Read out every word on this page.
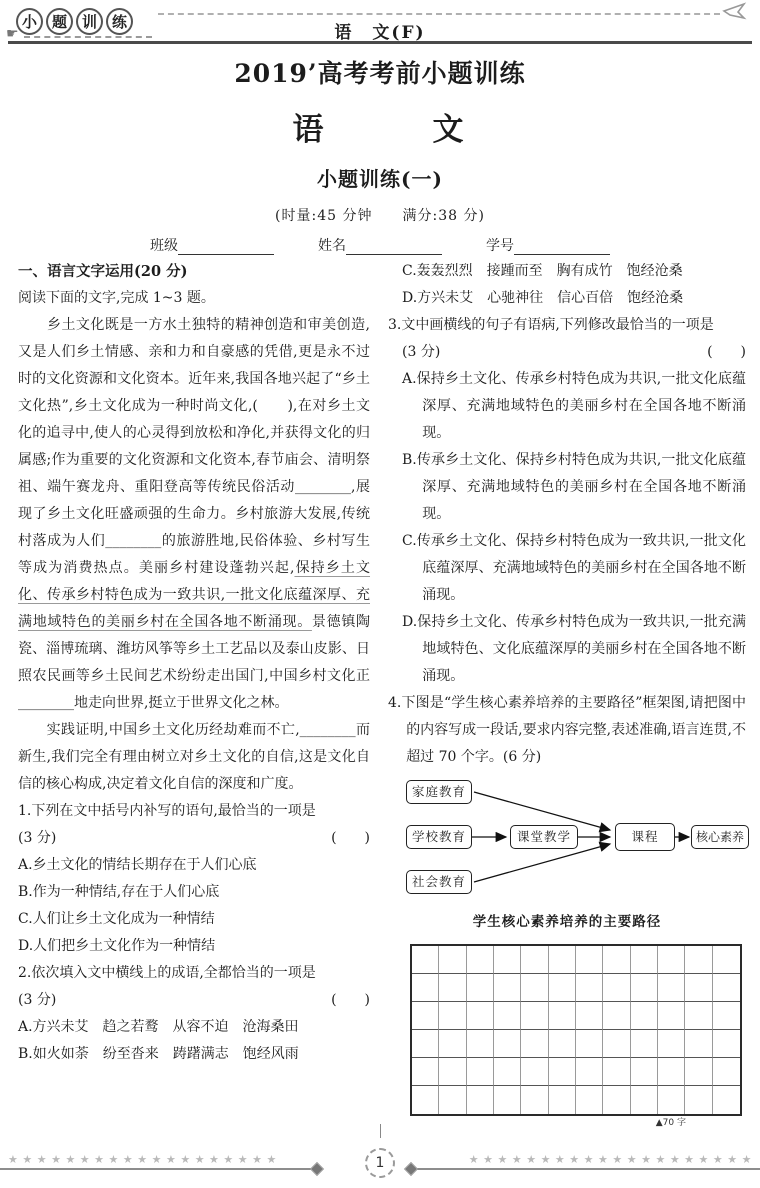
☛
小 题 训 练
语　文(F)
2019’高考考前小题训练
语　　　文
小题训练(一)
(时量:45 分钟　　满分:38 分)
班级	姓名	学号
一、语言文字运用(20 分)
阅读下面的文字,完成 1~3 题。

　　乡土文化既是一方水土独特的精神创造和审美创造,又是人们乡土情感、亲和力和自豪感的凭借,更是永不过时的文化资源和文化资本。近年来,我国各地兴起了“乡土文化热”,乡土文化成为一种时尚文化,(　　),在对乡土文化的追寻中,使人的心灵得到放松和净化,并获得文化的归属感;作为重要的文化资源和文化资本,春节庙会、清明祭祖、端午赛龙舟、重阳登高等传统民俗活动________,展现了乡土文化旺盛顽强的生命力。乡村旅游大发展,传统村落成为人们________的旅游胜地,民俗体验、乡村写生等成为消费热点。美丽乡村建设蓬勃兴起,保持乡土文化、传承乡村特色成为一致共识,一批文化底蕴深厚、充满地域特色的美丽乡村在全国各地不断涌现。景德镇陶瓷、淄博琉璃、潍坊风筝等乡土工艺品以及泰山皮影、日照农民画等乡土民间艺术纷纷走出国门,中国乡村文化正________地走向世界,挺立于世界文化之林。

　　实践证明,中国乡土文化历经劫难而不亡,________而新生,我们完全有理由树立对乡土文化的自信,这是文化自信的核心构成,决定着文化自信的深度和广度。

1.下列在文中括号内补写的语句,最恰当的一项是
(3 分)	(　　)
A.乡土文化的情结长期存在于人们心底
B.作为一种情结,存在于人们心底
C.人们让乡土文化成为一种情结
D.人们把乡土文化作为一种情结
2.依次填入文中横线上的成语,全都恰当的一项是
(3 分)	(　　)
A.方兴未艾　趋之若鹜　从容不迫　沧海桑田
B.如火如荼　纷至沓来　踌躇满志　饱经风雨
C.轰轰烈烈　接踵而至　胸有成竹　饱经沧桑
D.方兴未艾　心驰神往　信心百倍　饱经沧桑
3.文中画横线的句子有语病,下列修改最恰当的一项是
(3 分)	(　　)
A.保持乡土文化、传承乡村特色成为共识,一批文化底蕴深厚、充满地域特色的美丽乡村在全国各地不断涌现。
B.传承乡土文化、保持乡村特色成为共识,一批文化底蕴深厚、充满地域特色的美丽乡村在全国各地不断涌现。
C.传承乡土文化、保持乡村特色成为一致共识,一批文化底蕴深厚、充满地域特色的美丽乡村在全国各地不断涌现。
D.保持乡土文化、传承乡村特色成为一致共识,一批充满地域特色、文化底蕴深厚的美丽乡村在全国各地不断涌现。
4.下图是“学生核心素养培养的主要路径”框架图,请把图中的内容写成一段话,要求内容完整,表述准确,语言连贯,不超过 70 个字。(6 分)
家庭教育
学校教育
社会教育
课堂教学	课程	核心素养
学生核心素养培养的主要路径
▲70 字
★★★★★★★★★★★★★★★★★★★	1	★★★★★★★★★★★★★★★★★★★★
